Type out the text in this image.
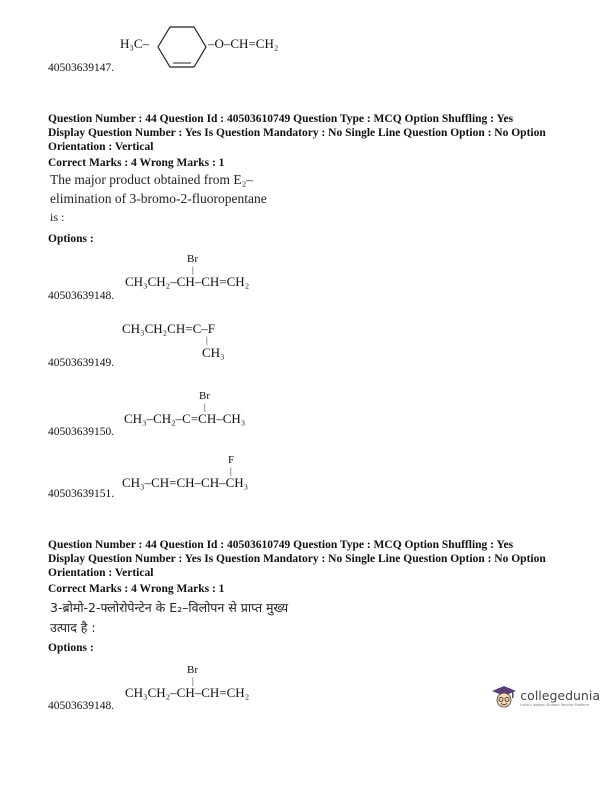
H₃C–	–O–CH=CH₂
40503639147.
Question Number : 44 Question Id : 40503610749 Question Type : MCQ Option Shuffling : Yes
Display Question Number : Yes Is Question Mandatory : No Single Line Question Option : No Option
Orientation : Vertical
Correct Marks : 4 Wrong Marks : 1
The major product obtained from E₂–
elimination of 3-bromo-2-fluoropentane
is :
Options :
Br
|
CH₃CH₂–CH–CH=CH₂
40503639148.
CH₃CH₂CH=C–F
|
CH₃
40503639149.
Br
|
CH₃–CH₂–C=CH–CH₃
40503639150.
F
|
CH₃–CH=CH–CH–CH₃
40503639151.
Question Number : 44 Question Id : 40503610749 Question Type : MCQ Option Shuffling : Yes
Display Question Number : Yes Is Question Mandatory : No Single Line Question Option : No Option
Orientation : Vertical
Correct Marks : 4 Wrong Marks : 1
3-ब्रोमो-2-फ्लोरोपेन्टेन के E₂–विलोपन से प्राप्त मुख्य
उत्पाद है :
Options :
Br
|
CH₃CH₂–CH–CH=CH₂
40503639148.
collegedunia
India's largest Student Review Platform
